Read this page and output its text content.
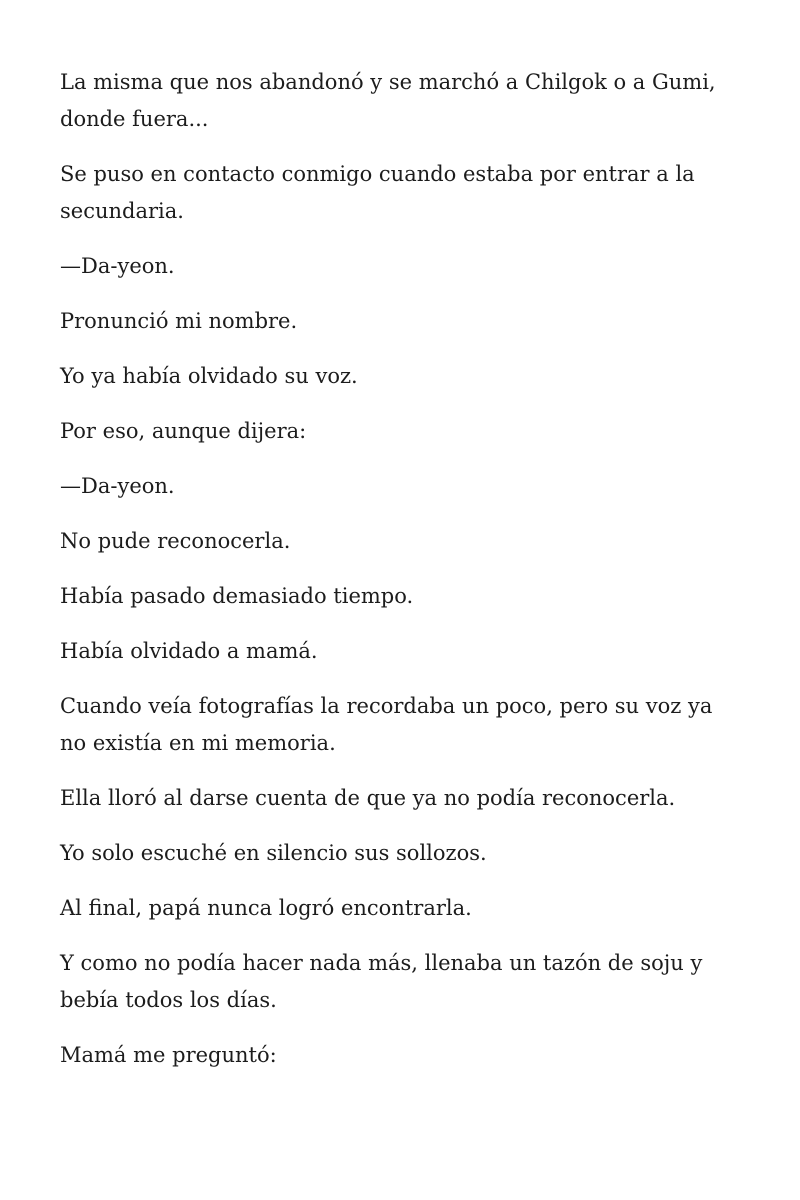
La misma que nos abandonó y se marchó a Chilgok o a Gumi, donde fuera...

Se puso en contacto conmigo cuando estaba por entrar a la secundaria.

—Da-yeon.

Pronunció mi nombre.

Yo ya había olvidado su voz.

Por eso, aunque dijera:

—Da-yeon.

No pude reconocerla.

Había pasado demasiado tiempo.

Había olvidado a mamá.

Cuando veía fotografías la recordaba un poco, pero su voz ya no existía en mi memoria.

Ella lloró al darse cuenta de que ya no podía reconocerla.

Yo solo escuché en silencio sus sollozos.

Al final, papá nunca logró encontrarla.

Y como no podía hacer nada más, llenaba un tazón de soju y bebía todos los días.

Mamá me preguntó:
